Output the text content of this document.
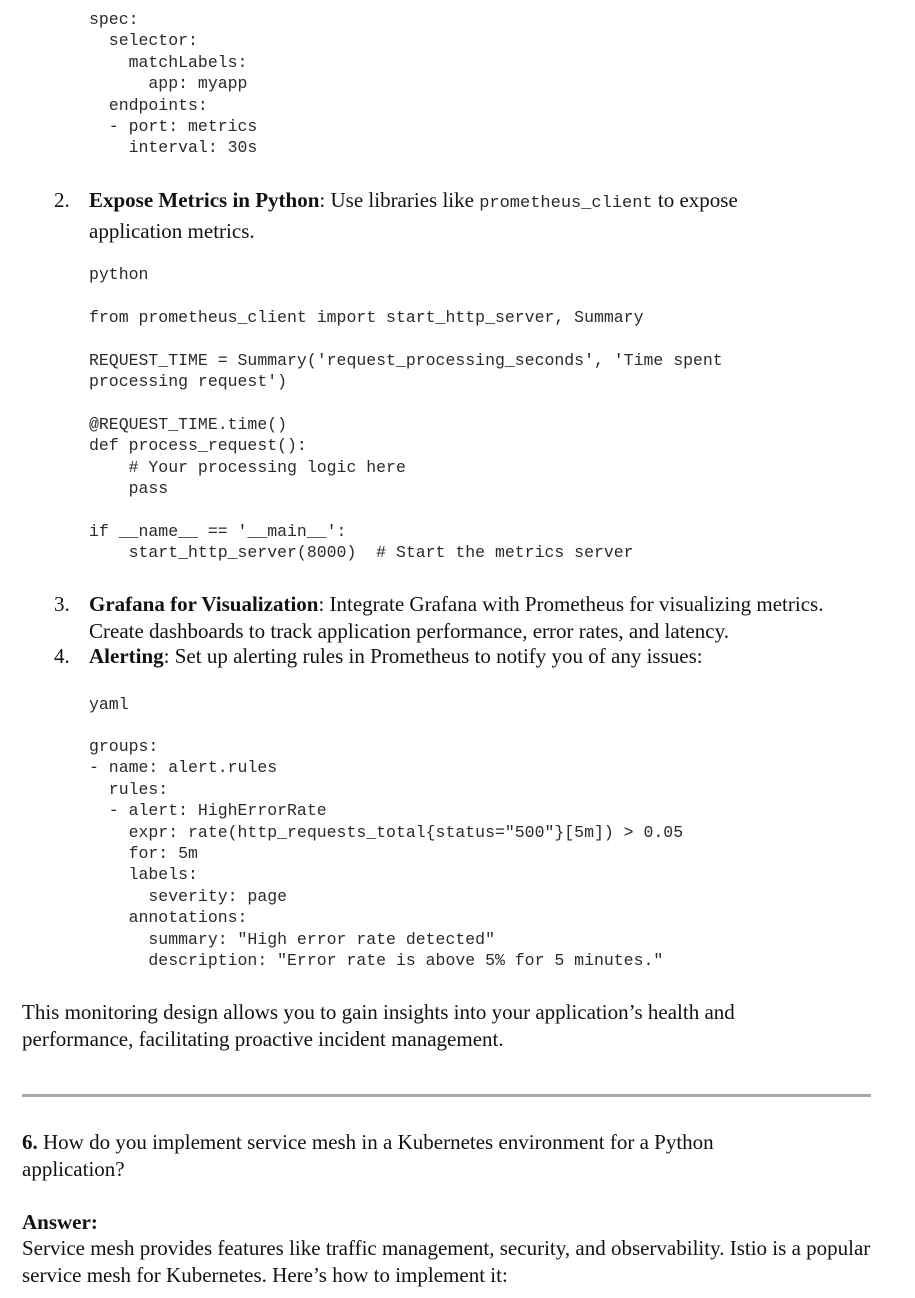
spec:
selector:
matchLabels:
app: myapp
endpoints:
- port: metrics
interval: 30s
2. Expose Metrics in Python: Use libraries like prometheus_client to expose application metrics.

python
from prometheus_client import start_http_server, Summary

REQUEST_TIME = Summary('request_processing_seconds', 'Time spent
processing request')

@REQUEST_TIME.time()
def process_request():
# Your processing logic here
pass

if __name__ == '__main__':
start_http_server(8000)  # Start the metrics server
3. Grafana for Visualization: Integrate Grafana with Prometheus for visualizing metrics. Create dashboards to track application performance, error rates, and latency.

4. Alerting: Set up alerting rules in Prometheus to notify you of any issues:

yaml
groups:
- name: alert.rules
rules:
- alert: HighErrorRate
expr: rate(http_requests_total{status="500"}[5m]) > 0.05
for: 5m
labels:
severity: page
annotations:
summary: "High error rate detected"
description: "Error rate is above 5% for 5 minutes."

This monitoring design allows you to gain insights into your application’s health and performance, facilitating proactive incident management.

6. How do you implement service mesh in a Kubernetes environment for a Python application?

Answer:

Service mesh provides features like traffic management, security, and observability. Istio is a popular service mesh for Kubernetes. Here’s how to implement it:
